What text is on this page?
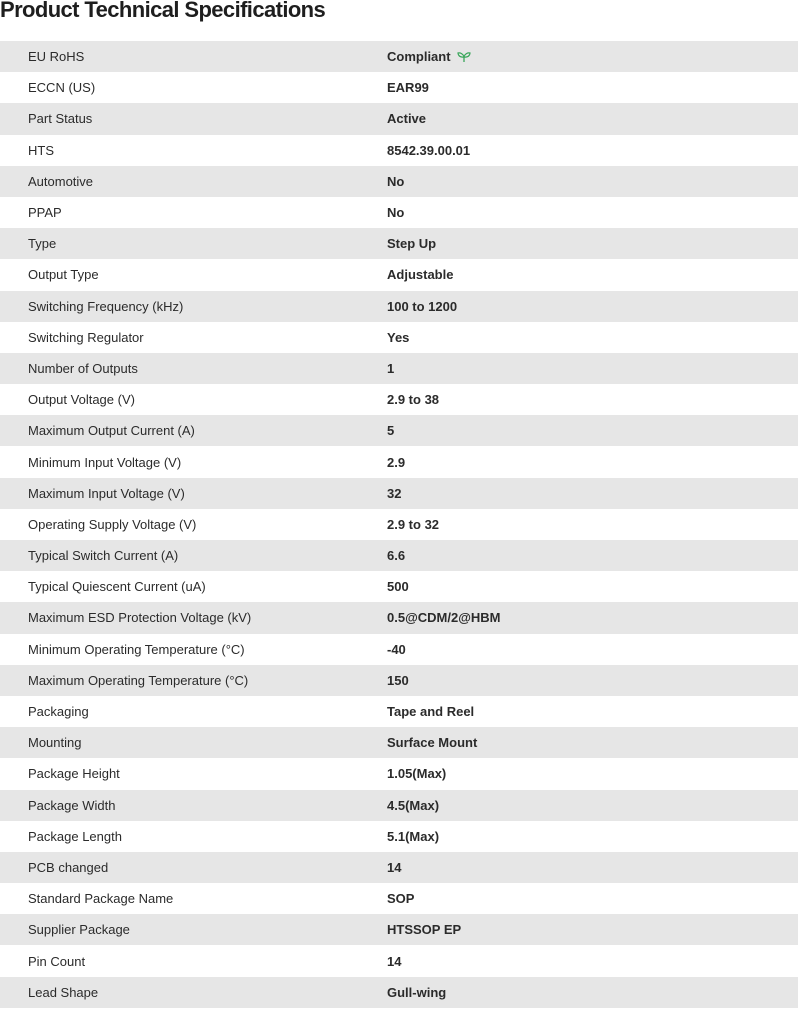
Product Technical Specifications
EU RoHS	Compliant
ECCN (US)	EAR99
Part Status	Active
HTS	8542.39.00.01
Automotive	No
PPAP	No
Type	Step Up
Output Type	Adjustable
Switching Frequency (kHz)	100 to 1200
Switching Regulator	Yes
Number of Outputs	1
Output Voltage (V)	2.9 to 38
Maximum Output Current (A)	5
Minimum Input Voltage (V)	2.9
Maximum Input Voltage (V)	32
Operating Supply Voltage (V)	2.9 to 32
Typical Switch Current (A)	6.6
Typical Quiescent Current (uA)	500
Maximum ESD Protection Voltage (kV)	0.5@CDM/2@HBM
Minimum Operating Temperature (°C)	-40
Maximum Operating Temperature (°C)	150
Packaging	Tape and Reel
Mounting	Surface Mount
Package Height	1.05(Max)
Package Width	4.5(Max)
Package Length	5.1(Max)
PCB changed	14
Standard Package Name	SOP
Supplier Package	HTSSOP EP
Pin Count	14
Lead Shape	Gull-wing
